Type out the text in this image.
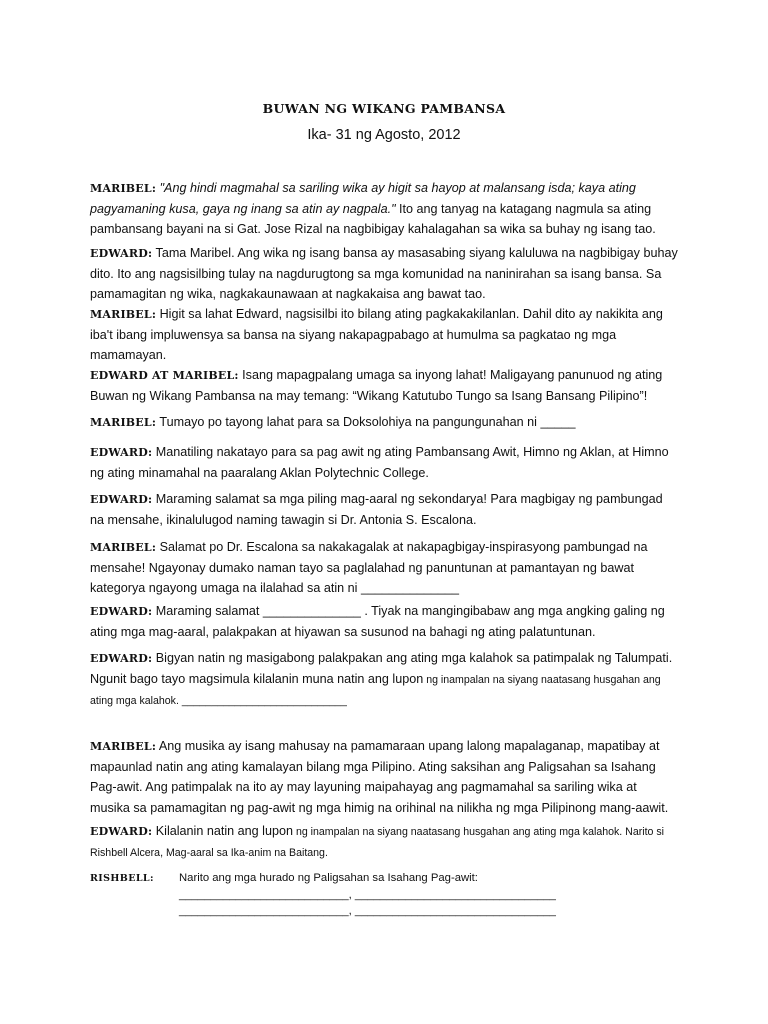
BUWAN NG WIKANG PAMBANSA
Ika- 31 ng Agosto, 2012

MARIBEL: "Ang hindi magmahal sa sariling wika ay higit sa hayop at malansang isda; kaya ating pagyamaning kusa, gaya ng inang sa atin ay nagpala." Ito ang tanyag na katagang nagmula sa ating pambansang bayani na si Gat. Jose Rizal na nagbibigay kahalagahan sa wika sa buhay ng isang tao.

EDWARD: Tama Maribel. Ang wika ng isang bansa ay masasabing siyang kaluluwa na nagbibigay buhay dito. Ito ang nagsisilbing tulay na nagdurugtong sa mga komunidad na naninirahan sa isang bansa. Sa pamamagitan ng wika, nagkakaunawaan at nagkakaisa ang bawat tao.

MARIBEL: Higit sa lahat Edward, nagsisilbi ito bilang ating pagkakakilanlan. Dahil dito ay nakikita ang iba't ibang impluwensya sa bansa na siyang nakapagpabago at humulma sa pagkatao ng mga mamamayan.

EDWARD AT MARIBEL: Isang mapagpalang umaga sa inyong lahat! Maligayang panunuod ng ating Buwan ng Wikang Pambansa na may temang: “Wikang Katutubo Tungo sa Isang Bansang Pilipino”!

MARIBEL: Tumayo po tayong lahat para sa Doksolohiya na pangungunahan ni _____

EDWARD: Manatiling nakatayo para sa pag awit ng ating Pambansang Awit, Himno ng Aklan, at Himno ng ating minamahal na paaralang Aklan Polytechnic College.

EDWARD: Maraming salamat sa mga piling mag-aaral ng sekondarya! Para magbigay ng pambungad na mensahe, ikinalulugod naming tawagin si Dr. Antonia S. Escalona.

MARIBEL: Salamat po Dr. Escalona sa nakakagalak at nakapagbigay-inspirasyong pambungad na mensahe! Ngayonay dumako naman tayo sa paglalahad ng panuntunan at pamantayan ng bawat kategorya ngayong umaga na ilalahad sa atin ni ______________

EDWARD: Maraming salamat ______________ . Tiyak na mangingibabaw ang mga angking galing ng ating mga mag-aaral, palakpakan at hiyawan sa susunod na bahagi ng ating palatuntunan.

EDWARD: Bigyan natin ng masigabong palakpakan ang ating mga kalahok sa patimpalak ng Talumpati. Ngunit bago tayo magsimula kilalanin muna natin ang lupon ng inampalan na siyang naatasang husgahan ang ating mga kalahok. ____________________________

MARIBEL: Ang musika ay isang mahusay na pamamaraan upang lalong mapalaganap, mapatibay at mapaunlad natin ang ating kamalayan bilang mga Pilipino. Ating saksihan ang Paligsahan sa Isahang Pag-awit. Ang patimpalak na ito ay may layuning maipahayag ang pagmamahal sa sariling wika at musika sa pamamagitan ng pag-awit ng mga himig na orihinal na nilikha ng mga Pilipinong mang-aawit.

EDWARD: Kilalanin natin ang lupon ng inampalan na siyang naatasang husgahan ang ating mga kalahok. Narito si Rishbell Alcera, Mag-aaral sa Ika-anim na Baitang.

RISHBELL: Narito ang mga hurado ng Paligsahan sa Isahang Pag-awit:
___________________________, ________________________________
___________________________, ________________________________
